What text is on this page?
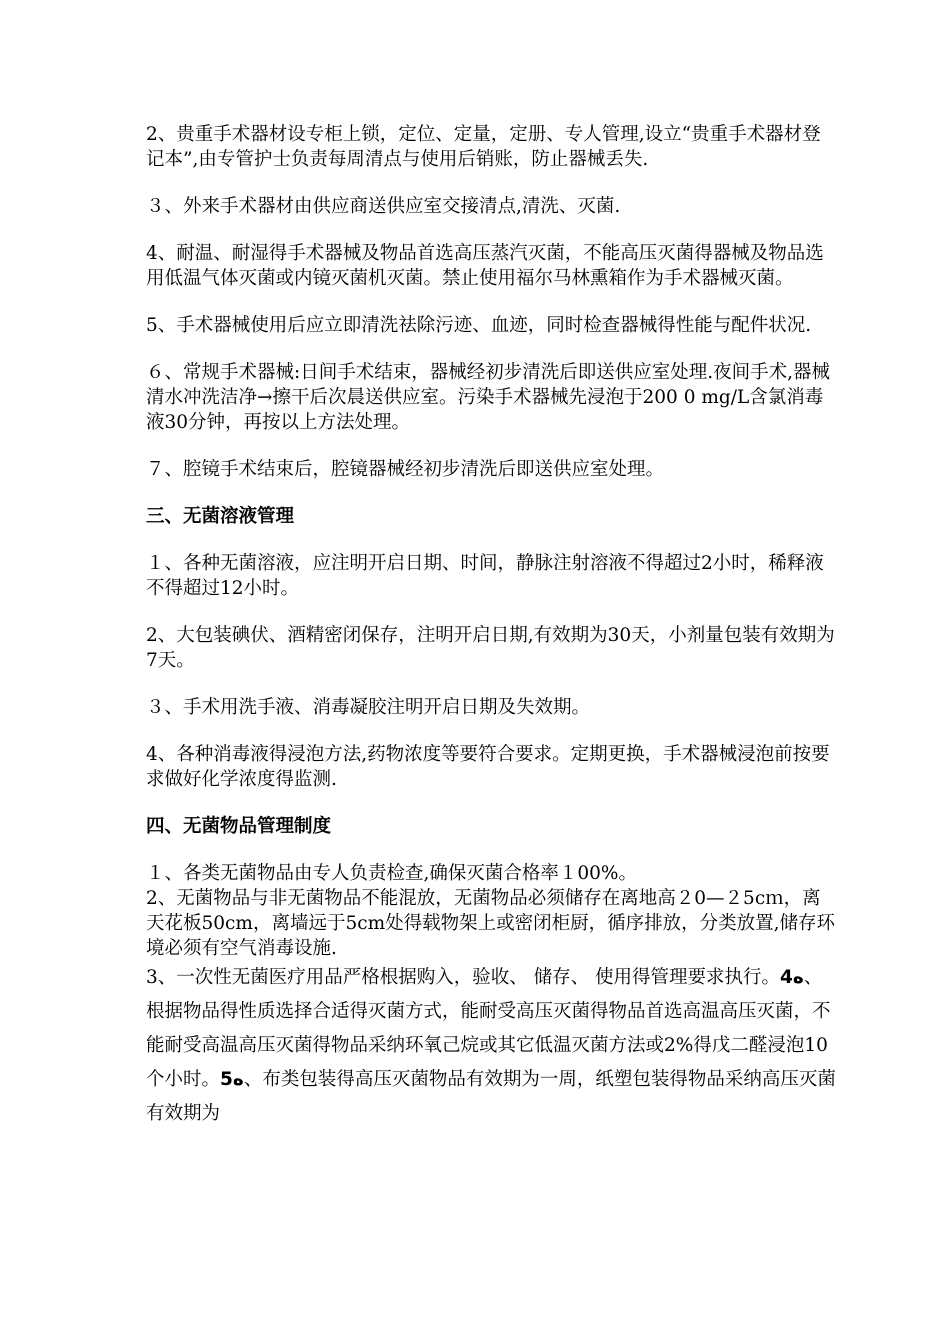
2、贵重手术器材设专柜上锁，定位、定量，定册、专人管理,设立“贵重手术器材登记本”,由专管护士负责每周清点与使用后销账，防止器械丢失.

３、外来手术器材由供应商送供应室交接清点,清洗、灭菌.

4、耐温、耐湿得手术器械及物品首选高压蒸汽灭菌，不能高压灭菌得器械及物品选用低温气体灭菌或内镜灭菌机灭菌。禁止使用福尔马林熏箱作为手术器械灭菌。

5、手术器械使用后应立即清洗祛除污迹、血迹，同时检查器械得性能与配件状况.

６、常规手术器械:日间手术结束，器械经初步清洗后即送供应室处理.夜间手术,器械清水冲洗洁净→擦干后次晨送供应室。污染手术器械先浸泡于200 0 mg/L含氯消毒液30分钟，再按以上方法处理。

７、腔镜手术结束后，腔镜器械经初步清洗后即送供应室处理。

三、无菌溶液管理

１、各种无菌溶液，应注明开启日期、时间，静脉注射溶液不得超过2小时，稀释液不得超过12小时。

2、大包装碘伏、酒精密闭保存，注明开启日期,有效期为30天，小剂量包装有效期为7天。

３、手术用洗手液、消毒凝胶注明开启日期及失效期。

4、各种消毒液得浸泡方法,药物浓度等要符合要求。定期更换，手术器械浸泡前按要求做好化学浓度得监测.

四、无菌物品管理制度

１、各类无菌物品由专人负责检查,确保灭菌合格率１00%。

2、无菌物品与非无菌物品不能混放，无菌物品必须储存在离地高２0—２5cｍ，离天花板50cm，离墙远于5cm处得载物架上或密闭柜厨，循序排放，分类放置,储存环境必须有空气消毒设施.

3、一次性无菌医疗用品严格根据购入，验收、 储存、 使用得管理要求执行。4ه、根据物品得性质选择合适得灭菌方式，能耐受高压灭菌得物品首选高温高压灭菌，不能耐受高温高压灭菌得物品采纳环氧己烷或其它低温灭菌方法或2%得戊二醛浸泡10个小时。5ه、布类包装得高压灭菌物品有效期为一周，纸塑包装得物品采纳高压灭菌有效期为
